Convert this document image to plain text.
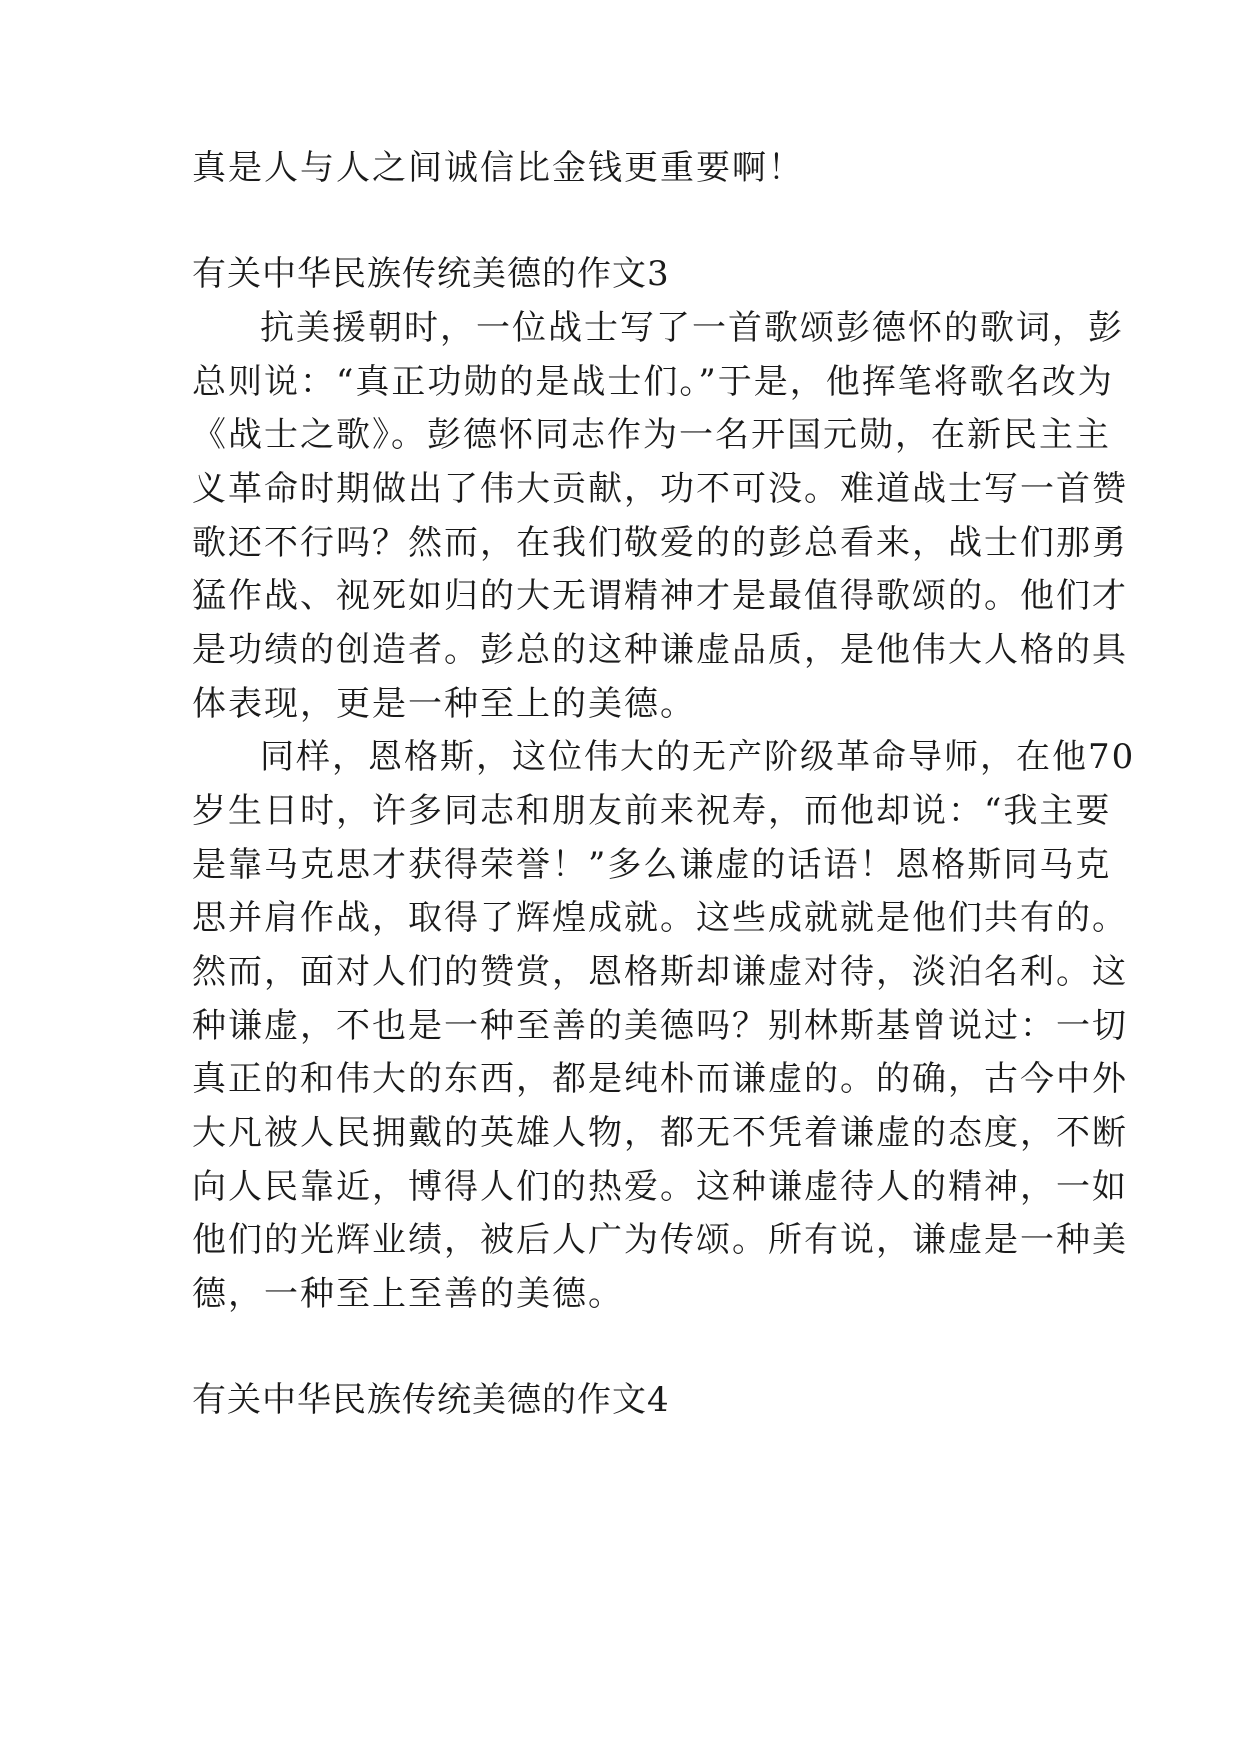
真是人与人之间诚信比金钱更重要啊！
有关中华民族传统美德的作文3
抗美援朝时，一位战士写了一首歌颂彭德怀的歌词，彭
总则说：“真正功勋的是战士们。”于是，他挥笔将歌名改为
《战士之歌》。彭德怀同志作为一名开国元勋，在新民主主
义革命时期做出了伟大贡献，功不可没。难道战士写一首赞
歌还不行吗？然而，在我们敬爱的的彭总看来，战士们那勇
猛作战、视死如归的大无谓精神才是最值得歌颂的。他们才
是功绩的创造者。彭总的这种谦虚品质，是他伟大人格的具
体表现，更是一种至上的美德。
同样，恩格斯，这位伟大的无产阶级革命导师，在他70
岁生日时，许多同志和朋友前来祝寿，而他却说：“我主要
是靠马克思才获得荣誉！”多么谦虚的话语！恩格斯同马克
思并肩作战，取得了辉煌成就。这些成就就是他们共有的。
然而，面对人们的赞赏，恩格斯却谦虚对待，淡泊名利。这
种谦虚，不也是一种至善的美德吗？别林斯基曾说过：一切
真正的和伟大的东西，都是纯朴而谦虚的。的确，古今中外
大凡被人民拥戴的英雄人物，都无不凭着谦虚的态度，不断
向人民靠近，博得人们的热爱。这种谦虚待人的精神，一如
他们的光辉业绩，被后人广为传颂。所有说，谦虚是一种美
德，一种至上至善的美德。
有关中华民族传统美德的作文4
